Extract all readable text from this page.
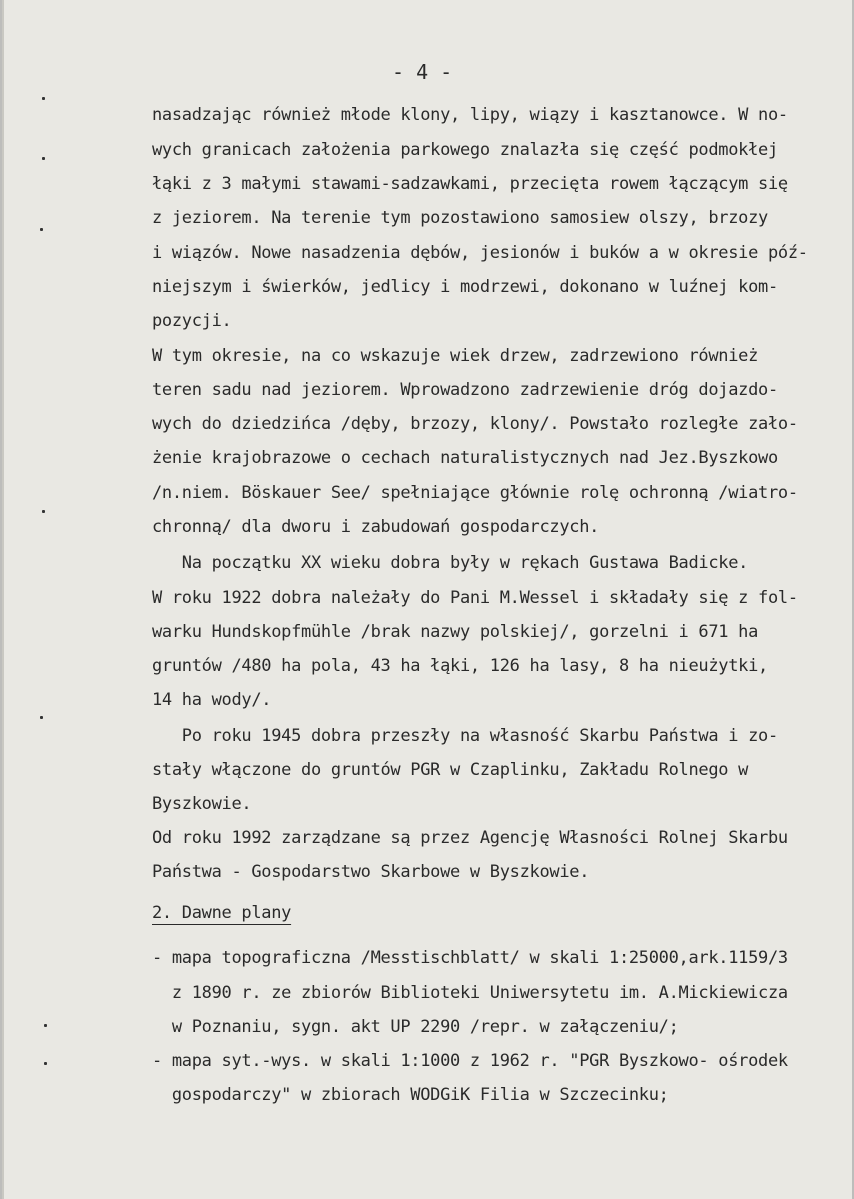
- 4 -
nasadzając również młode klony, lipy, wiązy i kasztanowce. W no-
wych granicach założenia parkowego znalazła się część podmokłej
łąki z 3 małymi stawami-sadzawkami, przecięta rowem łączącym się
z jeziorem. Na terenie tym pozostawiono samosiew olszy, brzozy
i wiązów. Nowe nasadzenia dębów, jesionów i buków a w okresie póź-
niejszym i świerków, jedlicy i modrzewi, dokonano w luźnej kom-
pozycji.
W tym okresie, na co wskazuje wiek drzew, zadrzewiono również
teren sadu nad jeziorem. Wprowadzono zadrzewienie dróg dojazdo-
wych do dziedzińca /dęby, brzozy, klony/. Powstało rozległe zało-
żenie krajobrazowe o cechach naturalistycznych nad Jez.Byszkowo
/n.niem. Böskauer See/ spełniające głównie rolę ochronną /wiatro-
chronną/ dla dworu i zabudowań gospodarczych.
Na początku XX wieku dobra były w rękach Gustawa Badicke.
W roku 1922 dobra należały do Pani M.Wessel i składały się z fol-
warku Hundskopfmühle /brak nazwy polskiej/, gorzelni i 671 ha
gruntów /480 ha pola, 43 ha łąki, 126 ha lasy, 8 ha nieużytki,
14 ha wody/.
Po roku 1945 dobra przeszły na własność Skarbu Państwa i zo-
stały włączone do gruntów PGR w Czaplinku, Zakładu Rolnego w
Byszkowie.
Od roku 1992 zarządzane są przez Agencję Własności Rolnej Skarbu
Państwa - Gospodarstwo Skarbowe w Byszkowie.
2. Dawne plany
- mapa topograficzna /Messtischblatt/ w skali 1:25000,ark.1159/3
z 1890 r. ze zbiorów Biblioteki Uniwersytetu im. A.Mickiewicza
w Poznaniu, sygn. akt UP 2290 /repr. w załączeniu/;
- mapa syt.-wys. w skali 1:1000 z 1962 r. "PGR Byszkowo- ośrodek
gospodarczy" w zbiorach WODGiK Filia w Szczecinku;
